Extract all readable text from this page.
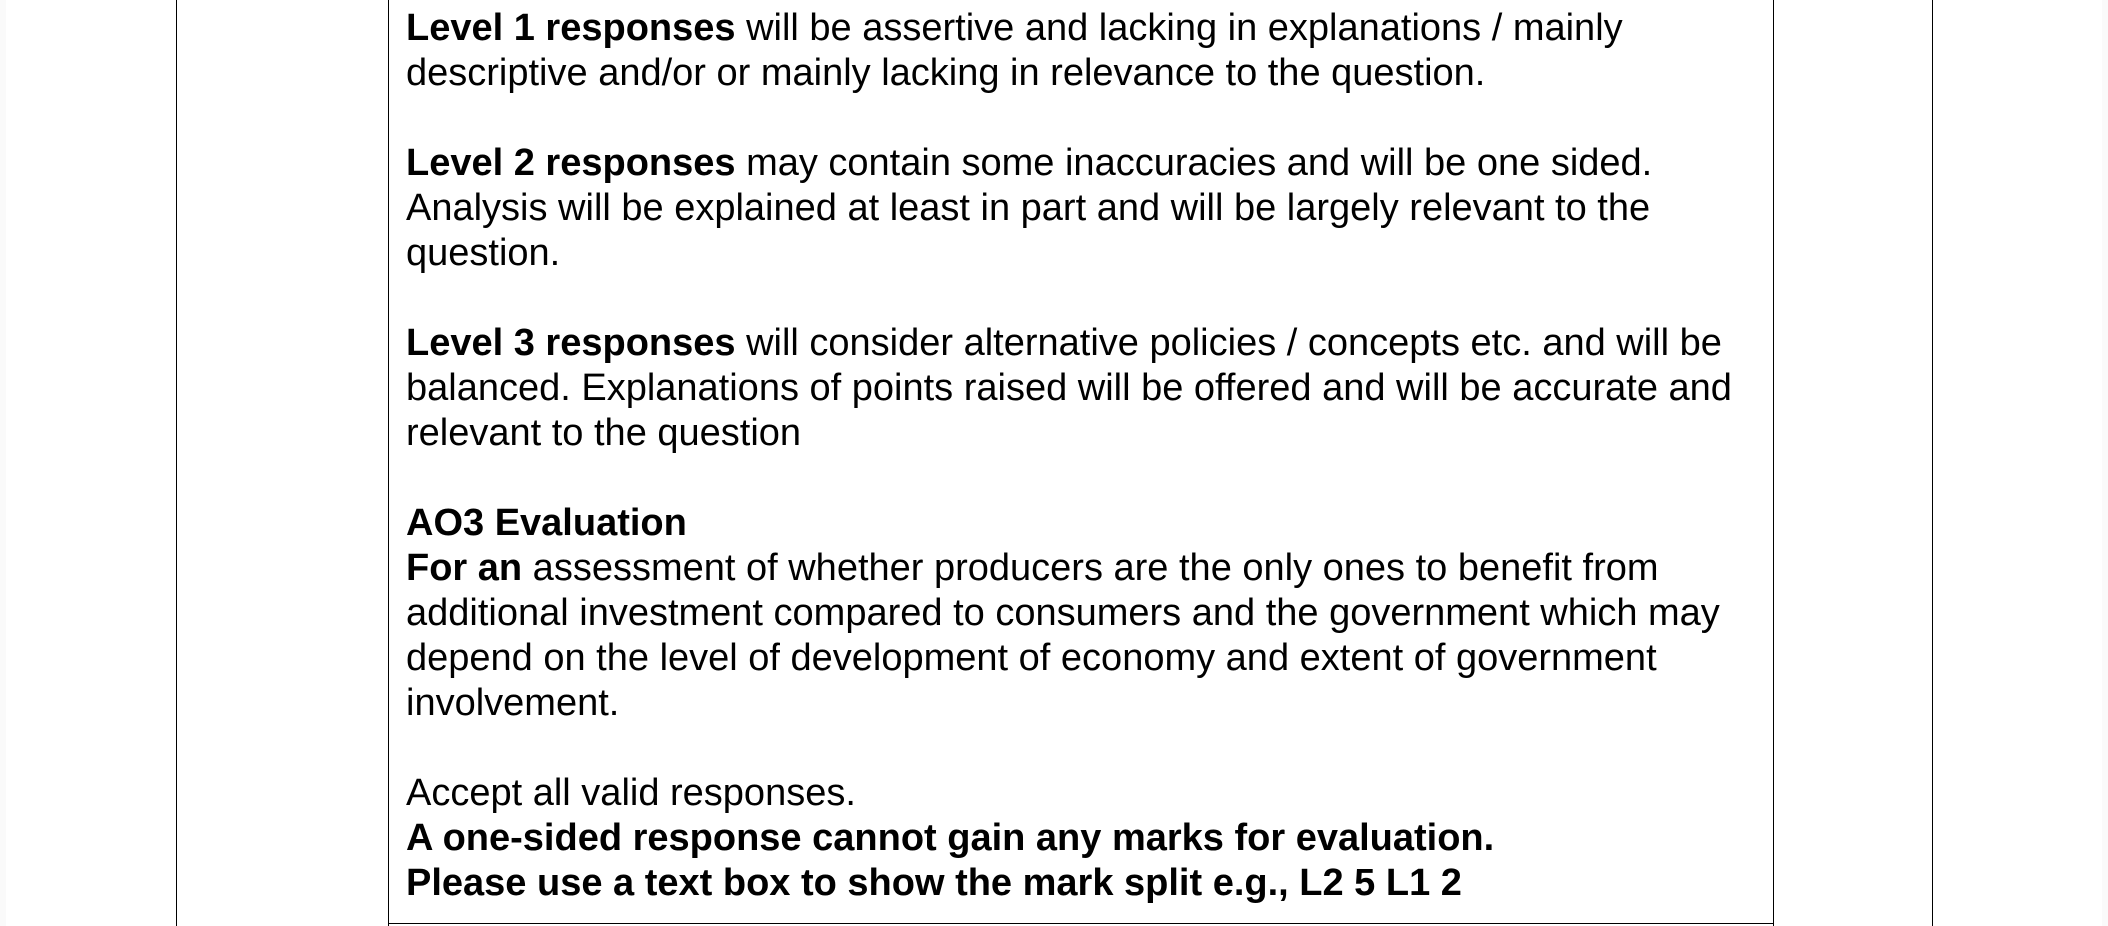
Level 1 responses will be assertive and lacking in explanations / mainly descriptive and/or or mainly lacking in relevance to the question.

Level 2 responses may contain some inaccuracies and will be one sided. Analysis will be explained at least in part and will be largely relevant to the question.

Level 3 responses will consider alternative policies / concepts etc. and will be balanced. Explanations of points raised will be offered and will be accurate and relevant to the question

AO3 Evaluation

For an assessment of whether producers are the only ones to benefit from additional investment compared to consumers and the government which may depend on the level of development of economy and extent of government involvement.

Accept all valid responses.
A one-sided response cannot gain any marks for evaluation.
Please use a text box to show the mark split e.g., L2 5 L1 2
